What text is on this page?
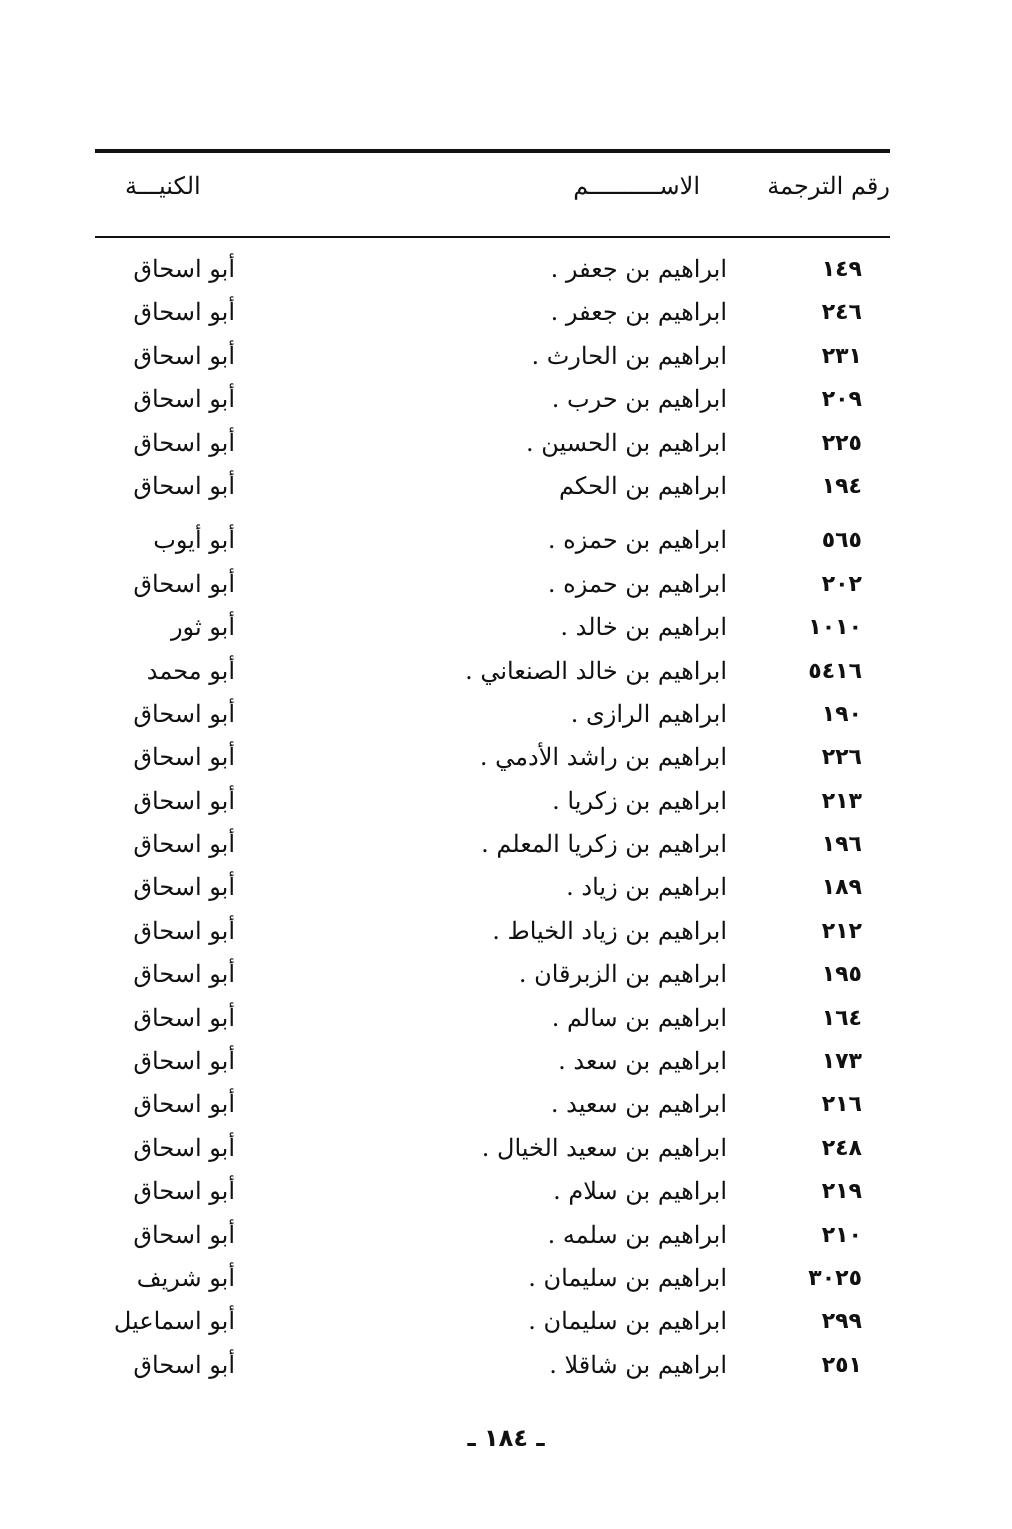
رقم الترجمة
الاســــــــــم
الكنيـــة
١٤٩
ابراهيم بن جعفر .
أبو اسحاق
٢٤٦
ابراهيم بن جعفر .
أبو اسحاق
٢٣١
ابراهيم بن الحارث .
أبو اسحاق
٢٠٩
ابراهيم بن حرب .
أبو اسحاق
٢٢٥
ابراهيم بن الحسين .
أبو اسحاق
١٩٤
ابراهيم بن الحكم
أبو اسحاق
٥٦٥
ابراهيم بن حمزه .
أبو أيوب
٢٠٢
ابراهيم بن حمزه .
أبو اسحاق
١٠١٠
ابراهيم بن خالد .
أبو ثور
٥٤١٦
ابراهيم بن خالد الصنعاني .
أبو محمد
١٩٠
ابراهيم الرازى .
أبو اسحاق
٢٢٦
ابراهيم بن راشد الأدمي .
أبو اسحاق
٢١٣
ابراهيم بن زكريا .
أبو اسحاق
١٩٦
ابراهيم بن زكريا المعلم .
أبو اسحاق
١٨٩
ابراهيم بن زياد .
أبو اسحاق
٢١٢
ابراهيم بن زياد الخياط .
أبو اسحاق
١٩٥
ابراهيم بن الزبرقان .
أبو اسحاق
١٦٤
ابراهيم بن سالم .
أبو اسحاق
١٧٣
ابراهيم بن سعد .
أبو اسحاق
٢١٦
ابراهيم بن سعيد .
أبو اسحاق
٢٤٨
ابراهيم بن سعيد الخيال .
أبو اسحاق
٢١٩
ابراهيم بن سلام .
أبو اسحاق
٢١٠
ابراهيم بن سلمه .
أبو اسحاق
٣٠٢٥
ابراهيم بن سليمان .
أبو شريف
٢٩٩
ابراهيم بن سليمان .
أبو اسماعيل
٢٥١
ابراهيم بن شاقلا .
أبو اسحاق
ـ ١٨٤ ـ
